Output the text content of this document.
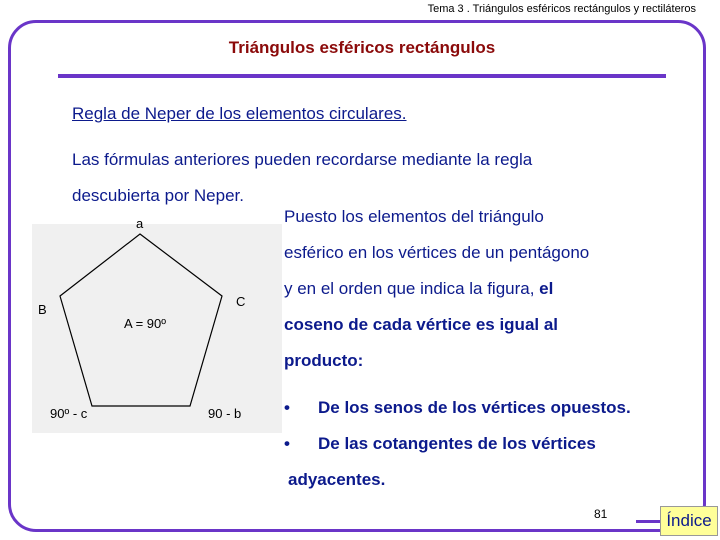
Tema 3 . Triángulos esféricos rectángulos y rectiláteros
Triángulos esféricos rectángulos
Regla de Neper de los elementos circulares.
Las fórmulas anteriores pueden recordarse mediante la regla
descubierta por Neper.
a
B
C
A = 90º
90º - c	90 - b
Puesto los elementos del triángulo
esférico en los vértices de un pentágono
y en el orden que indica la figura, el
coseno de cada vértice es igual al
producto:
•	De los senos de los vértices opuestos.
•	De las cotangentes de los vértices
adyacentes.
81	Índice
